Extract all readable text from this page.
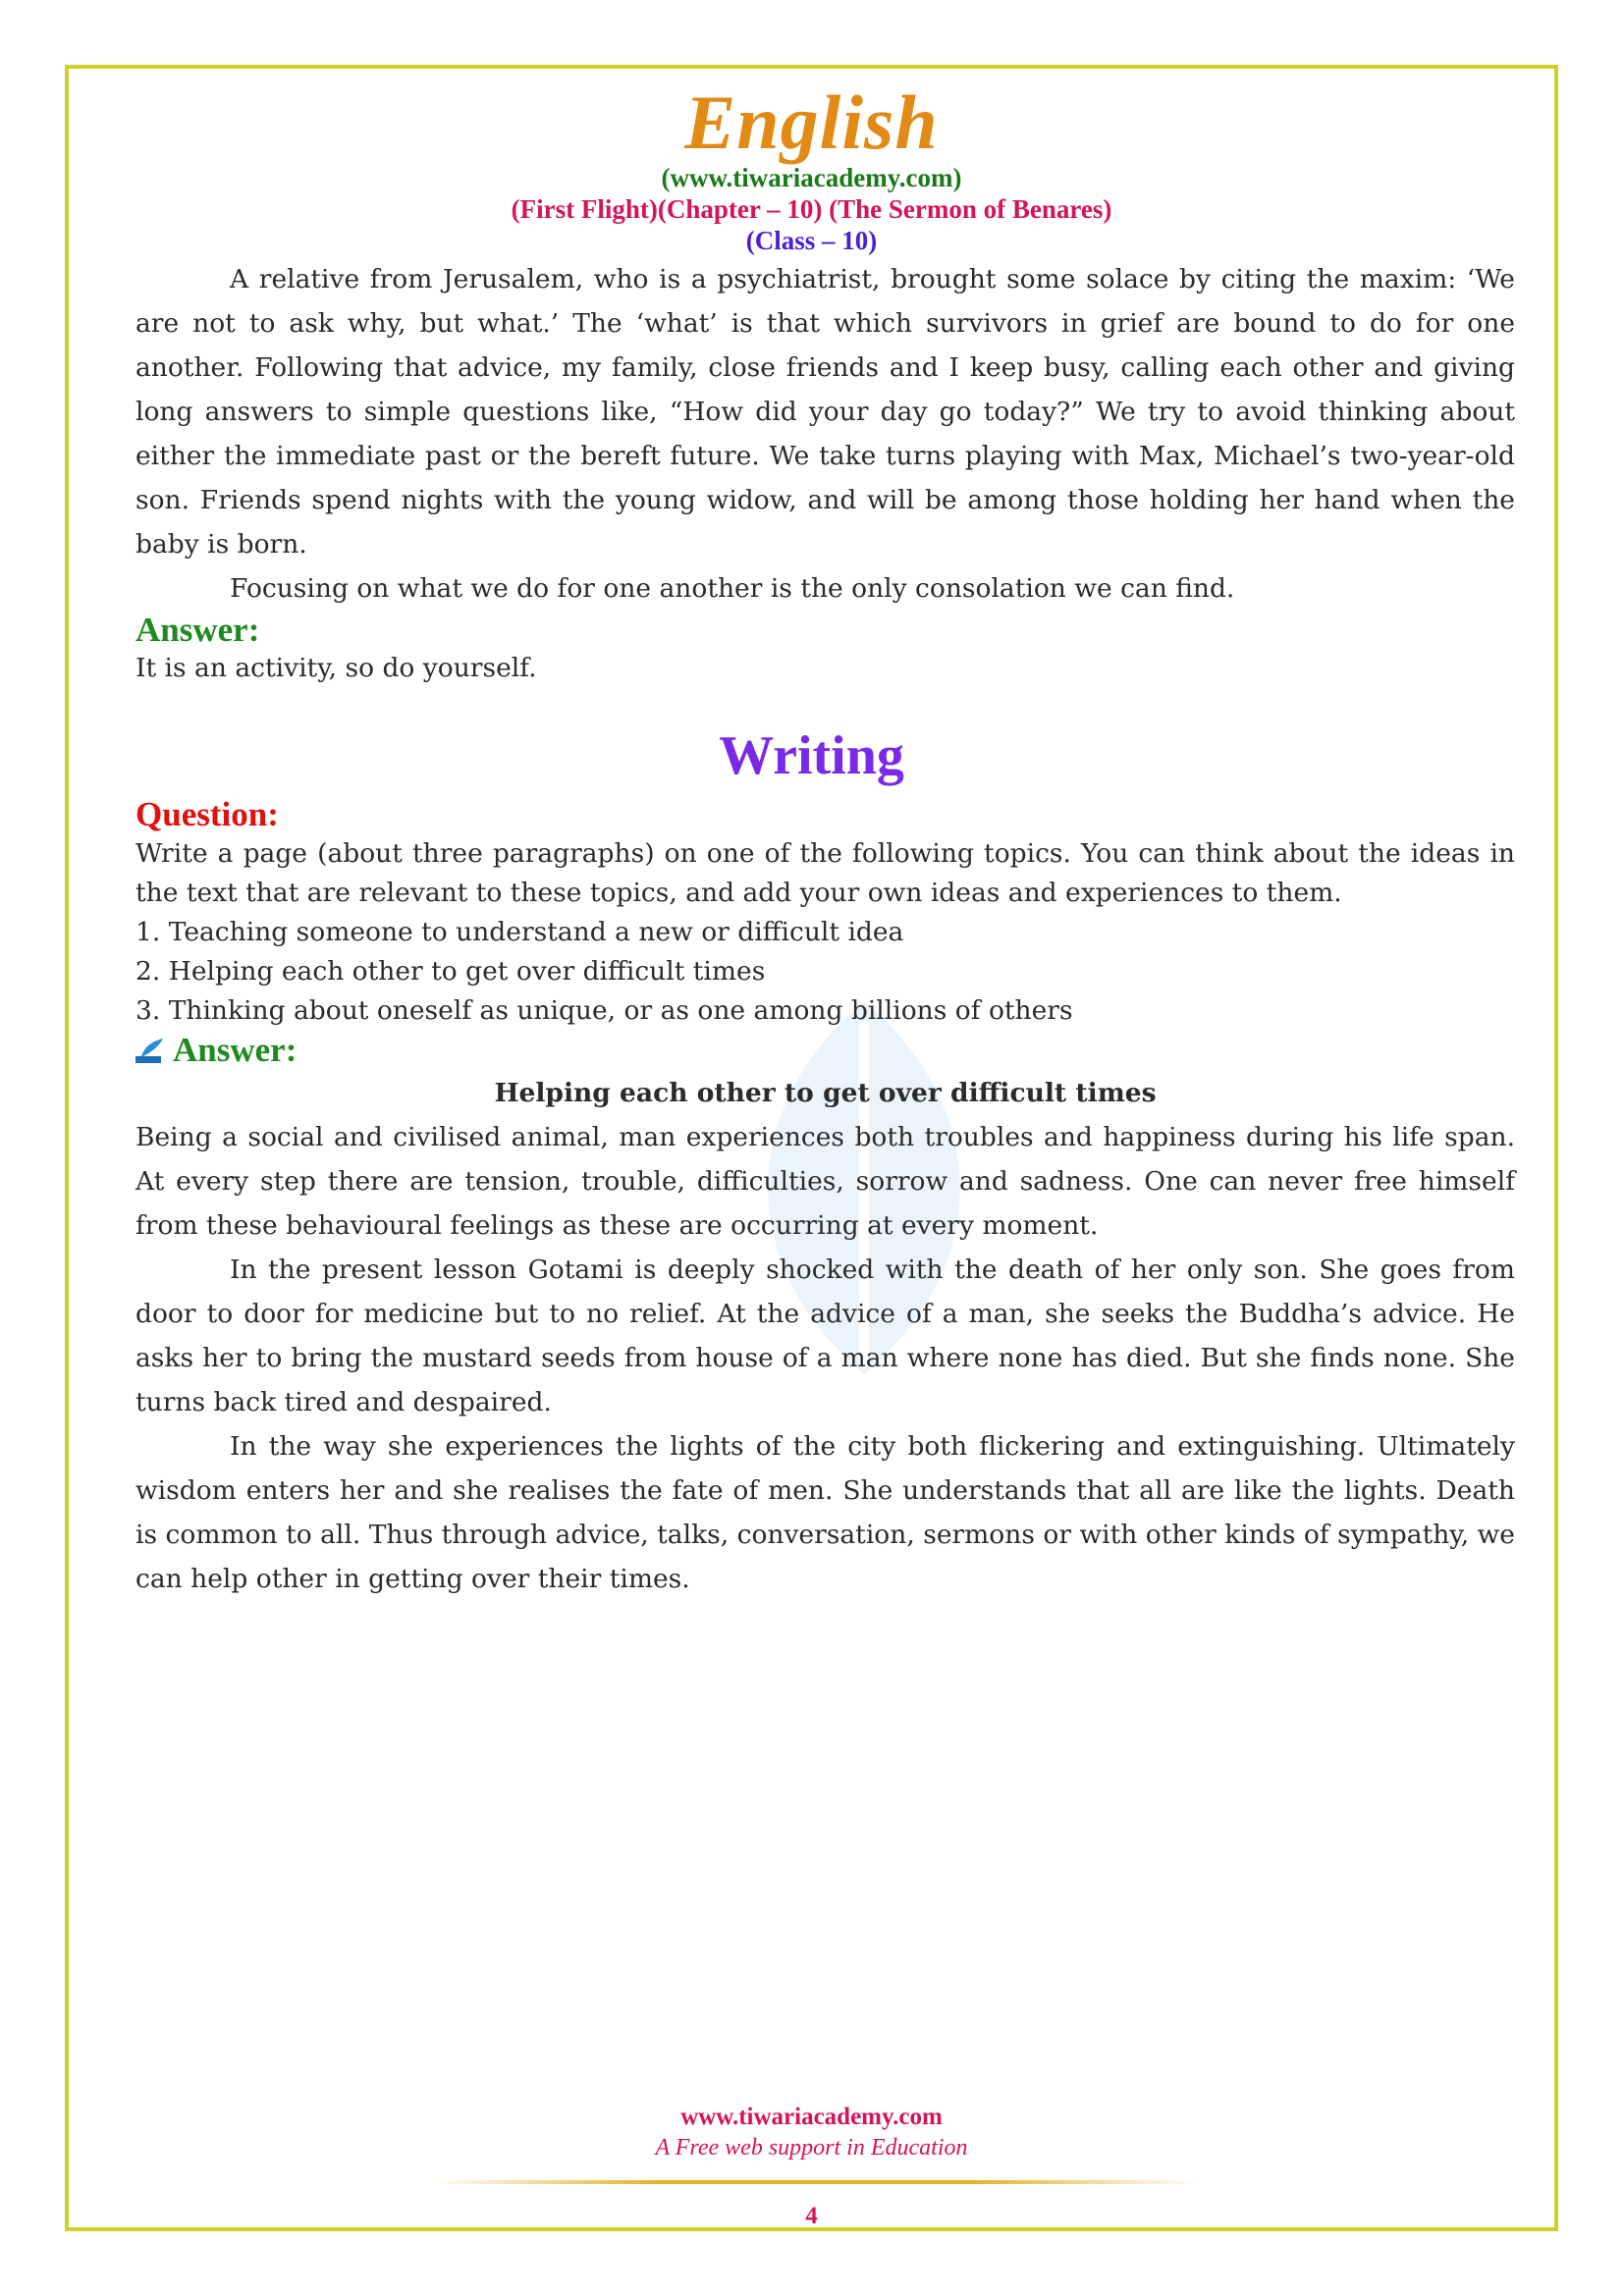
English
(www.tiwariacademy.com)
(First Flight)(Chapter – 10) (The Sermon of Benares)
(Class – 10)

A relative from Jerusalem, who is a psychiatrist, brought some solace by citing the maxim: ‘We are not to ask why, but what.’ The ‘what’ is that which survivors in grief are bound to do for one another. Following that advice, my family, close friends and I keep busy, calling each other and giving long answers to simple questions like, “How did your day go today?” We try to avoid thinking about either the immediate past or the bereft future. We take turns playing with Max, Michael’s two-year-old son. Friends spend nights with the young widow, and will be among those holding her hand when the baby is born.

Focusing on what we do for one another is the only consolation we can find.

Answer:

It is an activity, so do yourself.

Writing
Question:

Write a page (about three paragraphs) on one of the following topics. You can think about the ideas in the text that are relevant to these topics, and add your own ideas and experiences to them.

1. Teaching someone to understand a new or difficult idea

2. Helping each other to get over difficult times

3. Thinking about oneself as unique, or as one among billions of others

Answer:

Helping each other to get over difficult times

Being a social and civilised animal, man experiences both troubles and happiness during his life span. At every step there are tension, trouble, difficulties, sorrow and sadness. One can never free himself from these behavioural feelings as these are occurring at every moment.

In the present lesson Gotami is deeply shocked with the death of her only son. She goes from door to door for medicine but to no relief. At the advice of a man, she seeks the Buddha’s advice. He asks her to bring the mustard seeds from house of a man where none has died. But she finds none. She turns back tired and despaired.

In the way she experiences the lights of the city both flickering and extinguishing. Ultimately wisdom enters her and she realises the fate of men. She understands that all are like the lights. Death is common to all. Thus through advice, talks, conversation, sermons or with other kinds of sympathy, we can help other in getting over their times.

www.tiwariacademy.com
A Free web support in Education
4
